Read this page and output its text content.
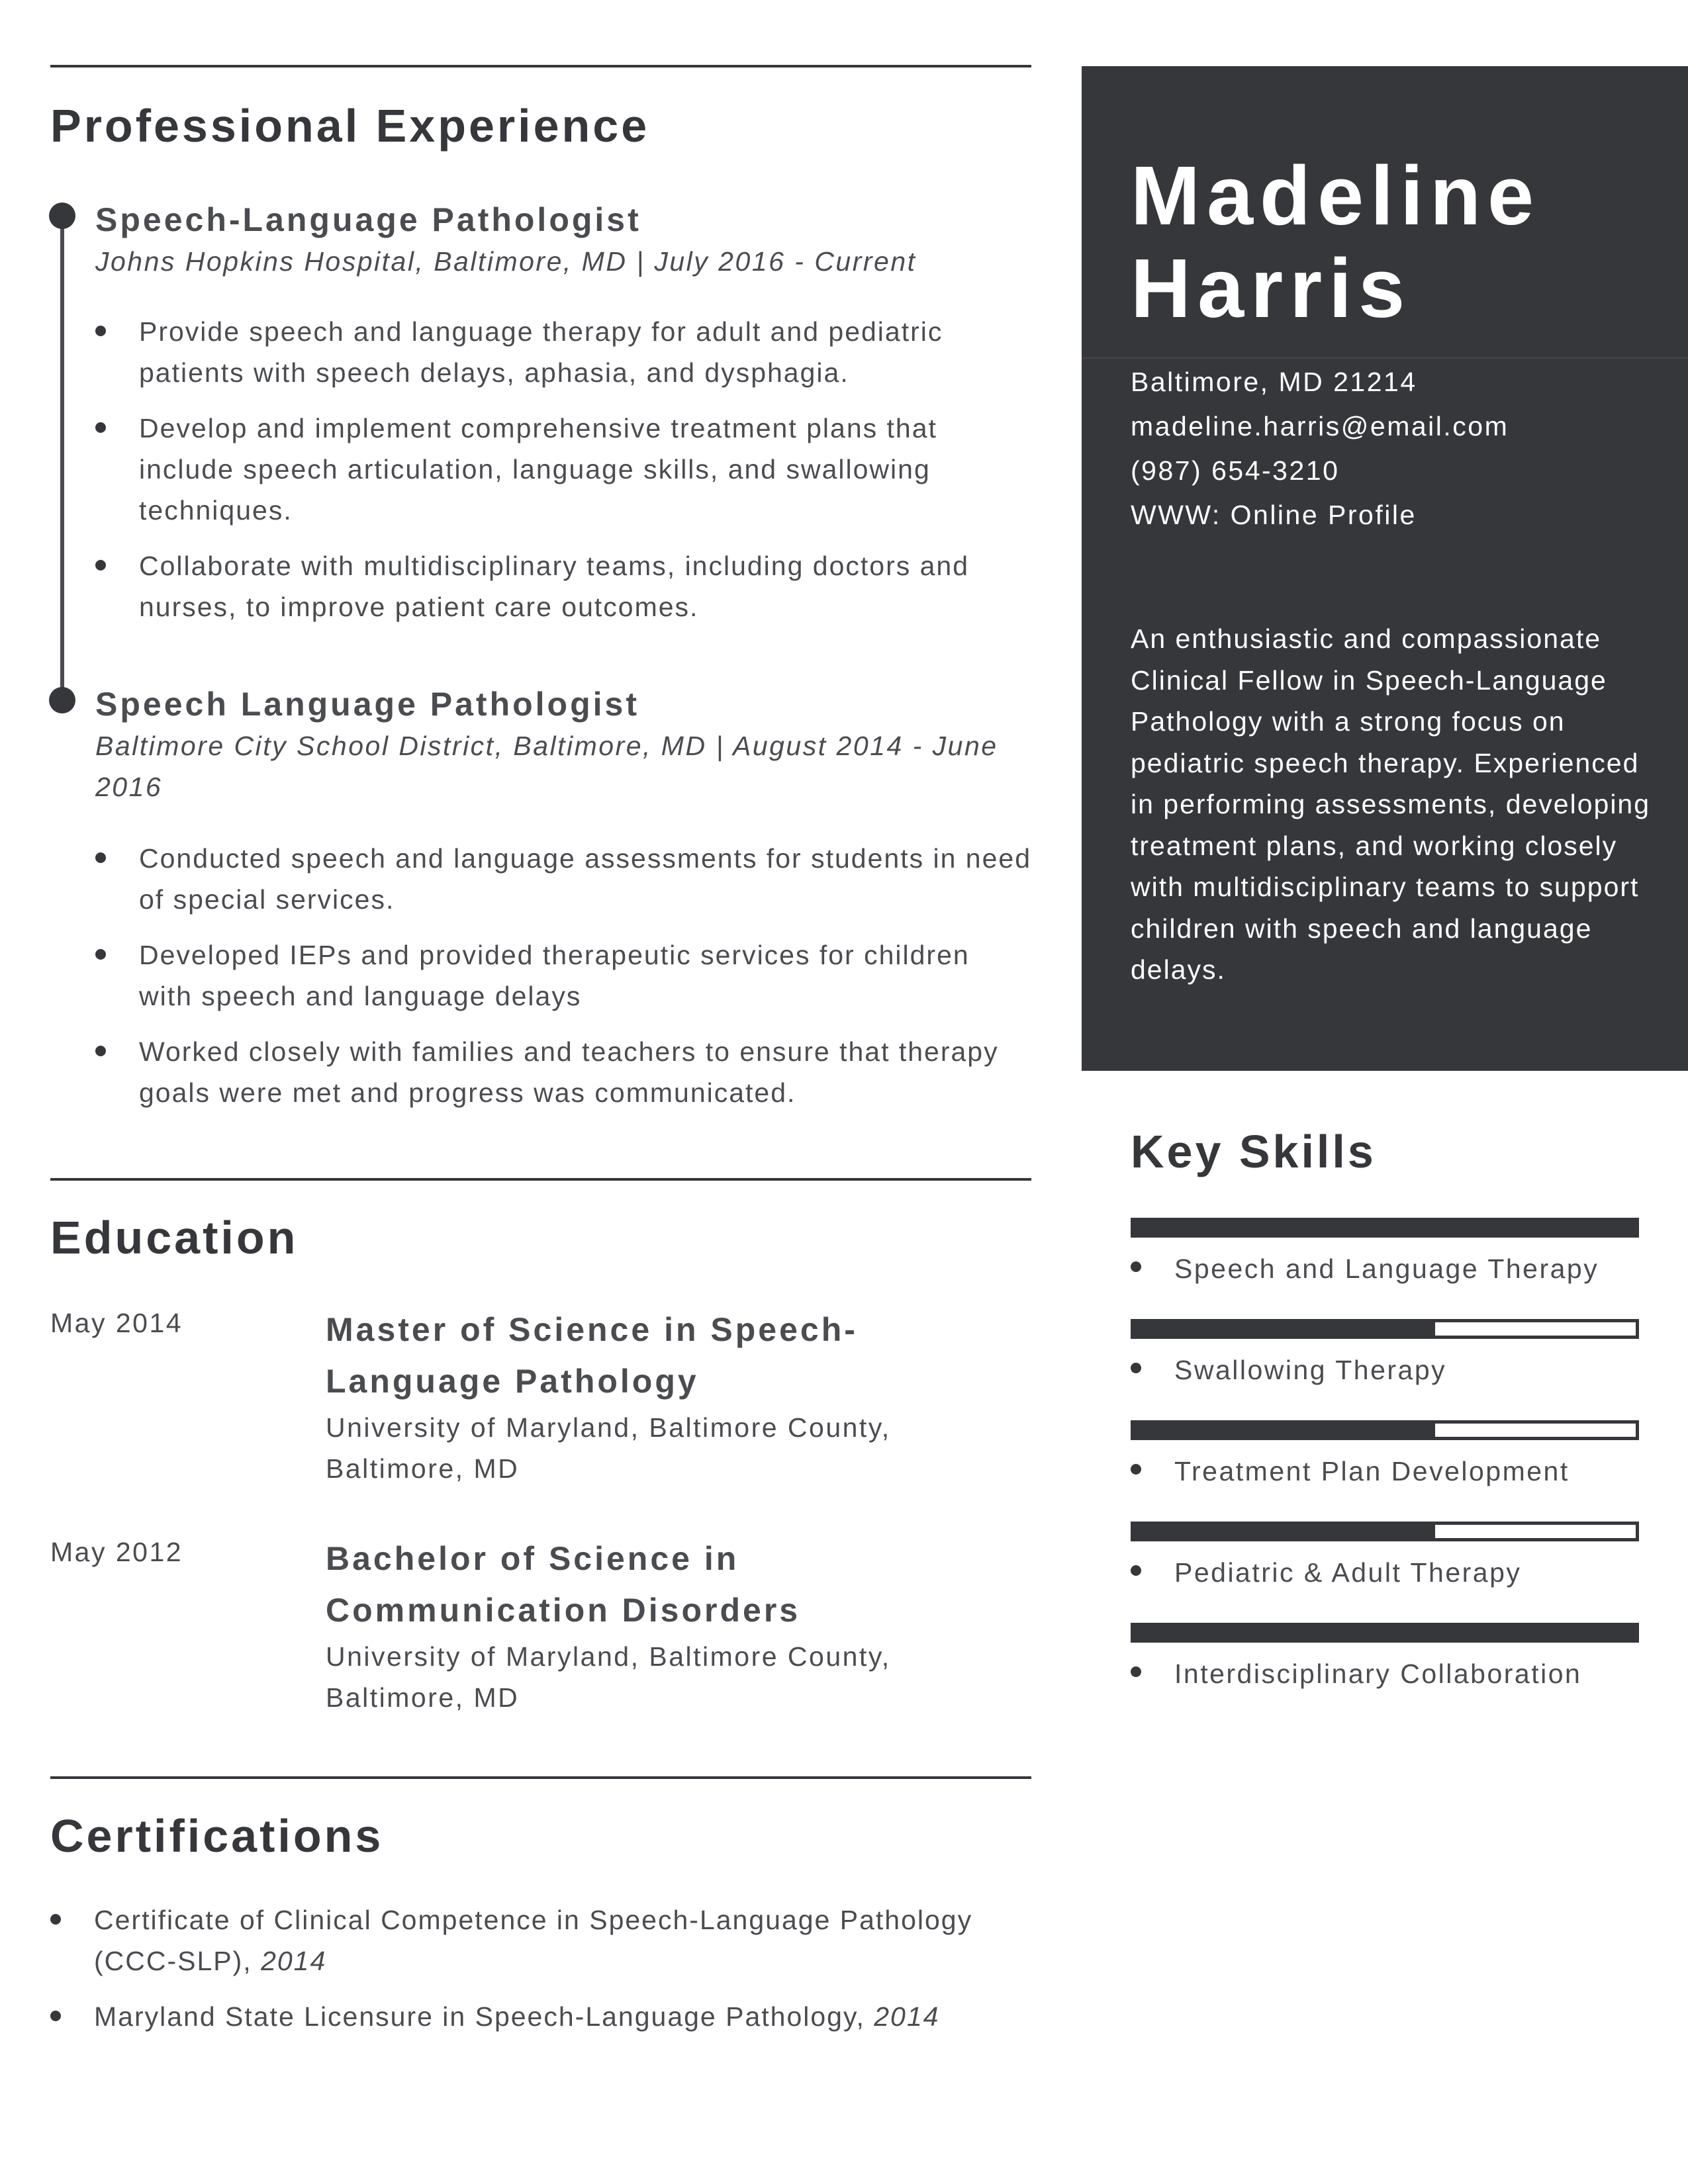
Professional Experience
Speech-Language Pathologist
Johns Hopkins Hospital, Baltimore, MD | July 2016 - Current
Provide speech and language therapy for adult and pediatric patients with speech delays, aphasia, and dysphagia.
Develop and implement comprehensive treatment plans that include speech articulation, language skills, and swallowing techniques.
Collaborate with multidisciplinary teams, including doctors and nurses, to improve patient care outcomes.
Speech Language Pathologist
Baltimore City School District, Baltimore, MD | August 2014 - June 2016
Conducted speech and language assessments for students in need of special services.
Developed IEPs and provided therapeutic services for children with speech and language delays
Worked closely with families and teachers to ensure that therapy goals were met and progress was communicated.
Education
May 2014	Master of Science in Speech-Language Pathology
University of Maryland, Baltimore County, Baltimore, MD
May 2012	Bachelor of Science in Communication Disorders
University of Maryland, Baltimore County, Baltimore, MD
Certifications
Certificate of Clinical Competence in Speech-Language Pathology (CCC-SLP), 2014
Maryland State Licensure in Speech-Language Pathology, 2014
Madeline
Harris
Baltimore, MD 21214
madeline.harris@email.com
(987) 654-3210
WWW: Online Profile

An enthusiastic and compassionate Clinical Fellow in Speech-Language Pathology with a strong focus on pediatric speech therapy. Experienced in performing assessments, developing treatment plans, and working closely with multidisciplinary teams to support children with speech and language delays.

Key Skills
Speech and Language Therapy
Swallowing Therapy
Treatment Plan Development
Pediatric & Adult Therapy
Interdisciplinary Collaboration
